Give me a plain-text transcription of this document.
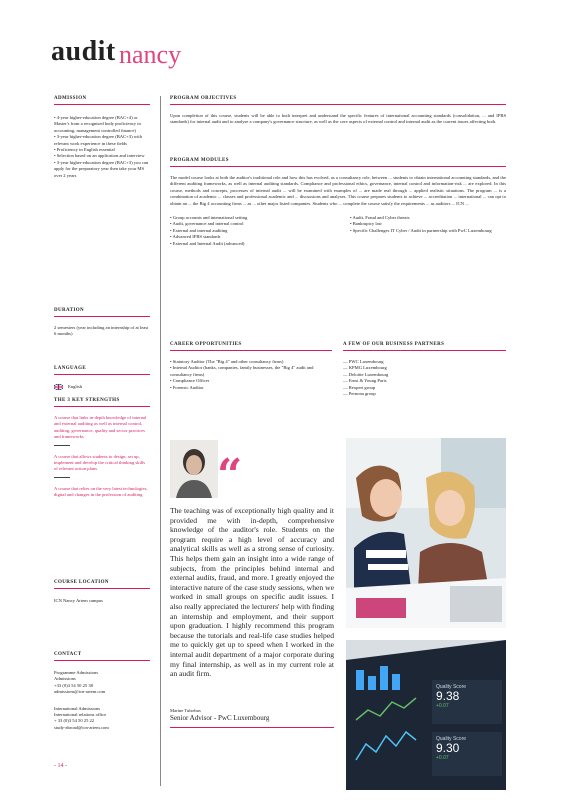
audit nancy
ADMISSION
• 4-year higher-education degree (BAC+4) or Master's from a recognised body proficiency in accounting, management controlled finance)
• 3-year higher-education degree (BAC+3) with relevant work experience in these fields
• Proficiency in English essential
• Selection based on an application and interview
• 3-year higher-education degree (BAC+3) you can apply for the preparatory year then take your MS over 2 years
DURATION
2 semesters (year including an internship of at least 6 months)
LANGUAGE
English
THE 3 KEY STRENGTHS
A course that links in-depth knowledge of internal and external auditing as well as internal control, auditing, governance, quality and sector practices and frameworks
A course that allows students to design, set up, implement and develop the critical thinking skills of relevant action plans
A course that relies on the very latest technologies, digital and changes in the profession of auditing
COURSE LOCATION
ICN Nancy Artem campus
CONTACT
Programme Admissions
Admissions
+33 (0)3 54 50 25 38
admissions@icn-artem.com
International Admissions
International relations office
+ 33 (0)3 54 50 25 22
study-abroad@icn-artem.com
PROGRAM OBJECTIVES
Upon completion of this course, students will be able to both interpret and understand the specific features of international accounting standards (consolidation, ... and IFRS standards) for internal audit and to analyse a company's governance structure, as well as the core aspects of external control and internal audit as the current issues affecting both.
PROGRAM MODULES
The model course looks at both the auditor's traditional role and how this has evolved, as a consultancy role, between ... students to obtain international accounting standards, and the different auditing frameworks, as well as internal auditing standards. Compliance and professional ethics, governance, internal control and information-risk ... are explored. In this course, methods and concepts, processes of internal audit ... will be examined with examples of ... are made real through ... applied realistic situations. The program ... is a combination of academic ... classes and professional academic and ... discussions and analyses. This course prepares students to achieve ... accreditation ... international ... can opt to obtain an ... the Big 4 accounting firms ... as ... other major listed companies. Students who ... complete the course satisfy the requirements ... as auditors ... ICN ...
• Group accounts and international setting
• Audit, governance and internal control
• External and internal auditing
• Advanced IFRS standards
• External and Internal Audit (advanced)
• Audit, Fraud and Cyber threats
• Bankruptcy law
• Specific Challenges IT Cyber / Audit in partnership with PwC Luxembourg
CAREER OPPORTUNITIES
• Statutory Auditor (The "Big 4" and other consultancy firms)
• Internal Auditor (banks, companies, family businesses, the "Big 4" audit and consultancy firms)
• Compliance Officer
• Forensic Auditor
A FEW OF OUR BUSINESS PARTNERS
— PWC Luxembourg
— KPMG Luxembourg
— Deloitte Luxembourg
— Ernst & Young Paris
— Rexpert group
— Pernona group
“
The teaching was of exceptionally high quality and it provided me with in-depth, comprehensive knowledge of the auditor's role. Students on the program require a high level of accuracy and analytical skills as well as a strong sense of curiosity. This helps them gain an insight into a wide range of subjects, from the principles behind internal and external audits, fraud, and more. I greatly enjoyed the interactive nature of the case study sessions, when we worked in small groups on specific audit issues. I also really appreciated the lecturers' help with finding an internship and employment, and their support upon graduation. I highly recommend this program because the tutorials and real-life case studies helped me to quickly get up to speed when I worked in the internal audit department of a major corporate during my final internship, as well as in my current role at an audit firm.
Marine Tulsebus
Senior Advisor - PwC Luxembourg
Quality Score
9.38
+0.07
Quality Score
9.30
+0.07
- 14 -
